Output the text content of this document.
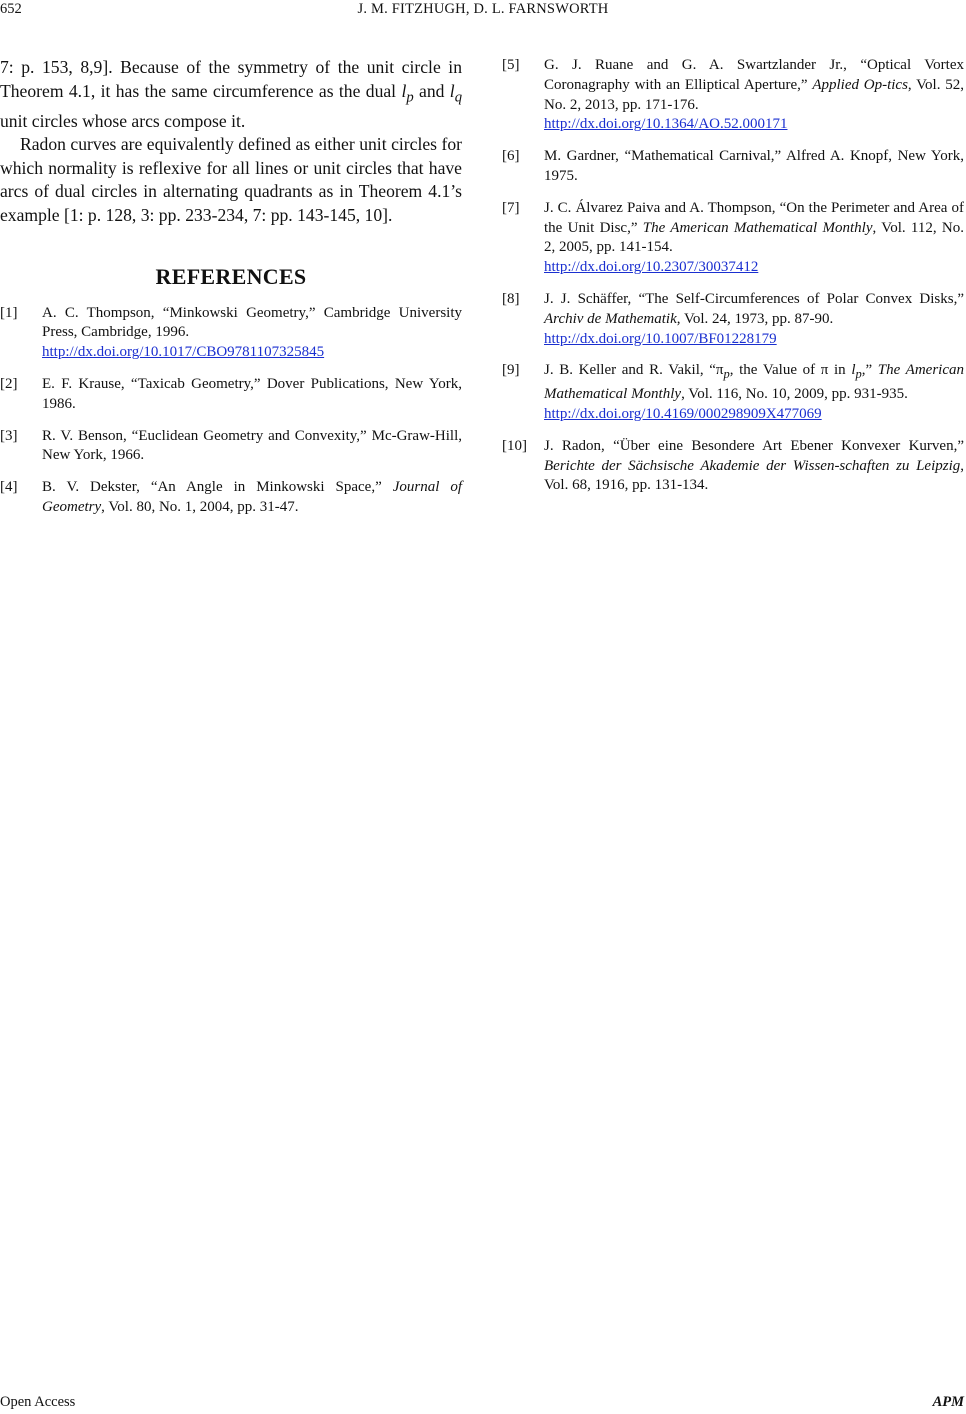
652	J. M. FITZHUGH, D. L. FARNSWORTH

7: p. 153, 8,9]. Because of the symmetry of the unit circle in Theorem 4.1, it has the same circumference as the dual $l_p$ and $l_q$ unit circles whose arcs compose it.

Radon curves are equivalently defined as either unit circles for which normality is reflexive for all lines or unit circles that have arcs of dual circles in alternating quadrants as in Theorem 4.1’s example [1: p. 128, 3: pp. 233-234, 7: pp. 143-145, 10].

REFERENCES
[1]	A. C. Thompson, “Minkowski Geometry,” Cambridge University Press, Cambridge, 1996.
http://dx.doi.org/10.1017/CBO9781107325845
[2]	E. F. Krause, “Taxicab Geometry,” Dover Publications, New York, 1986.
[3]	R. V. Benson, “Euclidean Geometry and Convexity,” Mc-Graw-Hill, New York, 1966.
[4]	B. V. Dekster, “An Angle in Minkowski Space,” Journal of Geometry, Vol. 80, No. 1, 2004, pp. 31-47.
[5]	G. J. Ruane and G. A. Swartzlander Jr., “Optical Vortex Coronagraphy with an Elliptical Aperture,” Applied Op-tics, Vol. 52, No. 2, 2013, pp. 171-176.
http://dx.doi.org/10.1364/AO.52.000171
[6]	M. Gardner, “Mathematical Carnival,” Alfred A. Knopf, New York, 1975.
[7]	J. C. Álvarez Paiva and A. Thompson, “On the Perimeter and Area of the Unit Disc,” The American Mathematical Monthly, Vol. 112, No. 2, 2005, pp. 141-154.
http://dx.doi.org/10.2307/30037412
[8]	J. J. Schäffer, “The Self-Circumferences of Polar Convex Disks,” Archiv de Mathematik, Vol. 24, 1973, pp. 87-90.
http://dx.doi.org/10.1007/BF01228179
[9]	J. B. Keller and R. Vakil, “$\pi_p$, the Value of π in $l_p$,” The American Mathematical Monthly, Vol. 116, No. 10, 2009, pp. 931-935.
http://dx.doi.org/10.4169/000298909X477069
[10]	J. Radon, “Über eine Besondere Art Ebener Konvexer Kurven,” Berichte der Sächsische Akademie der Wissen-schaften zu Leipzig, Vol. 68, 1916, pp. 131-134.
Open Access	APM
